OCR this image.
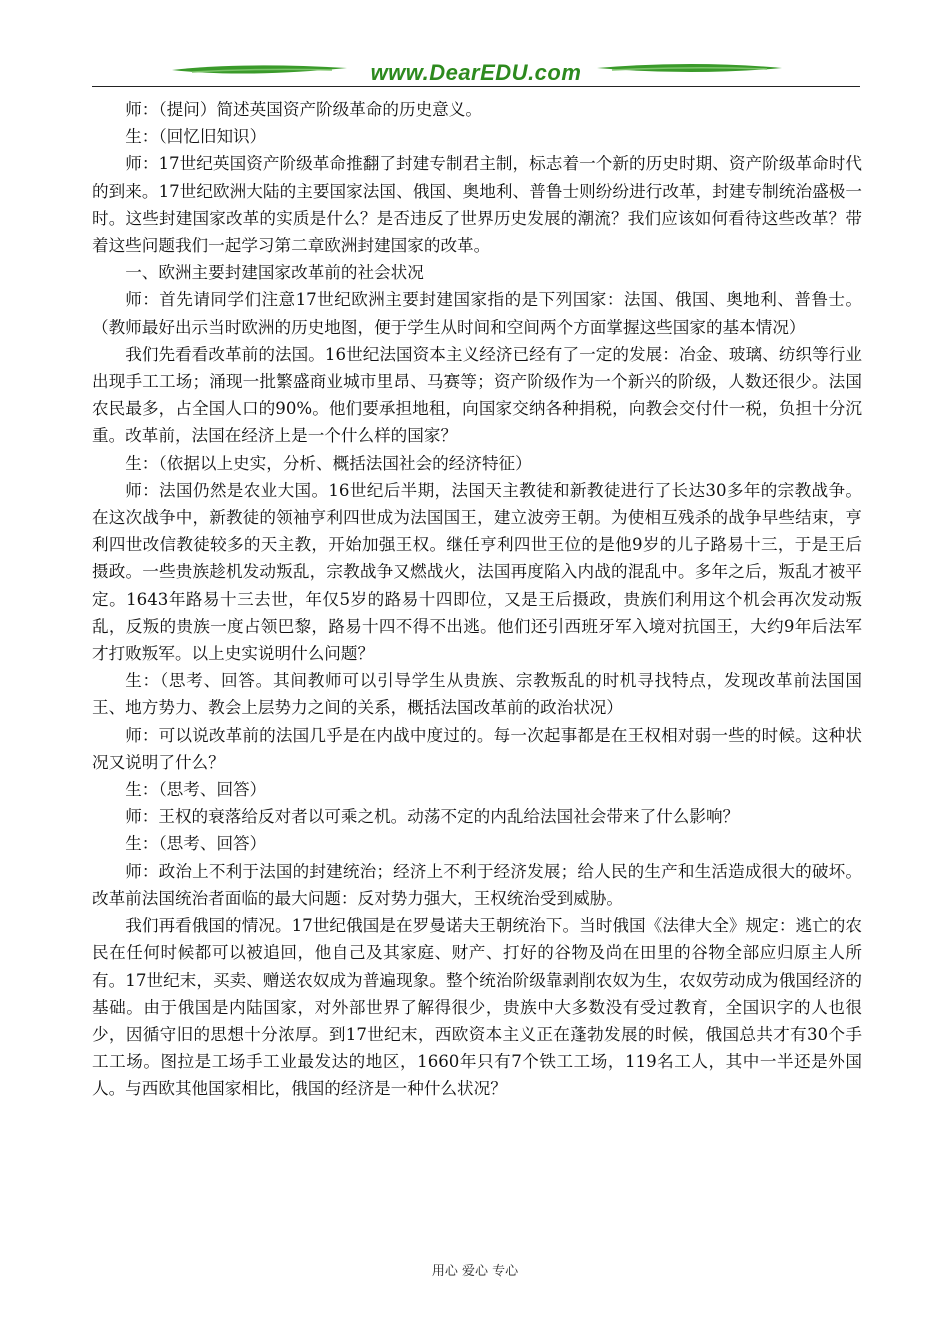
www.DearEDU.com

师：（提问）简述英国资产阶级革命的历史意义。

生：（回忆旧知识）

师：17世纪英国资产阶级革命推翻了封建专制君主制，标志着一个新的历史时期、资产阶级革命时代的到来。17世纪欧洲大陆的主要国家法国、俄国、奥地利、普鲁士则纷纷进行改革，封建专制统治盛极一时。这些封建国家改革的实质是什么？是否违反了世界历史发展的潮流？我们应该如何看待这些改革？带着这些问题我们一起学习第二章欧洲封建国家的改革。

一、欧洲主要封建国家改革前的社会状况

师：首先请同学们注意17世纪欧洲主要封建国家指的是下列国家：法国、俄国、奥地利、普鲁士。（教师最好出示当时欧洲的历史地图，便于学生从时间和空间两个方面掌握这些国家的基本情况）

我们先看看改革前的法国。16世纪法国资本主义经济已经有了一定的发展：冶金、玻璃、纺织等行业出现手工工场；涌现一批繁盛商业城市里昂、马赛等；资产阶级作为一个新兴的阶级，人数还很少。法国农民最多，占全国人口的90%。他们要承担地租，向国家交纳各种捐税，向教会交付什一税，负担十分沉重。改革前，法国在经济上是一个什么样的国家？

生：（依据以上史实，分析、概括法国社会的经济特征）

师：法国仍然是农业大国。16世纪后半期，法国天主教徒和新教徒进行了长达30多年的宗教战争。在这次战争中，新教徒的领袖亨利四世成为法国国王，建立波旁王朝。为使相互残杀的战争早些结束，亨利四世改信教徒较多的天主教，开始加强王权。继任亨利四世王位的是他9岁的儿子路易十三，于是王后摄政。一些贵族趁机发动叛乱，宗教战争又燃战火，法国再度陷入内战的混乱中。多年之后，叛乱才被平定。1643年路易十三去世，年仅5岁的路易十四即位，又是王后摄政，贵族们利用这个机会再次发动叛乱，反叛的贵族一度占领巴黎，路易十四不得不出逃。他们还引西班牙军入境对抗国王，大约9年后法军才打败叛军。以上史实说明什么问题？

生：（思考、回答。其间教师可以引导学生从贵族、宗教叛乱的时机寻找特点，发现改革前法国国王、地方势力、教会上层势力之间的关系，概括法国改革前的政治状况）

师：可以说改革前的法国几乎是在内战中度过的。每一次起事都是在王权相对弱一些的时候。这种状况又说明了什么？

生：（思考、回答）

师：王权的衰落给反对者以可乘之机。动荡不定的内乱给法国社会带来了什么影响？

生：（思考、回答）

师：政治上不利于法国的封建统治；经济上不利于经济发展；给人民的生产和生活造成很大的破坏。改革前法国统治者面临的最大问题：反对势力强大，王权统治受到威胁。

我们再看俄国的情况。17世纪俄国是在罗曼诺夫王朝统治下。当时俄国《法律大全》规定：逃亡的农民在任何时候都可以被追回，他自己及其家庭、财产、打好的谷物及尚在田里的谷物全部应归原主人所有。17世纪末，买卖、赠送农奴成为普遍现象。整个统治阶级靠剥削农奴为生，农奴劳动成为俄国经济的基础。由于俄国是内陆国家，对外部世界了解得很少，贵族中大多数没有受过教育，全国识字的人也很少，因循守旧的思想十分浓厚。到17世纪末，西欧资本主义正在蓬勃发展的时候，俄国总共才有30个手工工场。图拉是工场手工业最发达的地区，1660年只有7个铁工工场，119名工人，其中一半还是外国人。与西欧其他国家相比，俄国的经济是一种什么状况？

用心 爱心 专心
